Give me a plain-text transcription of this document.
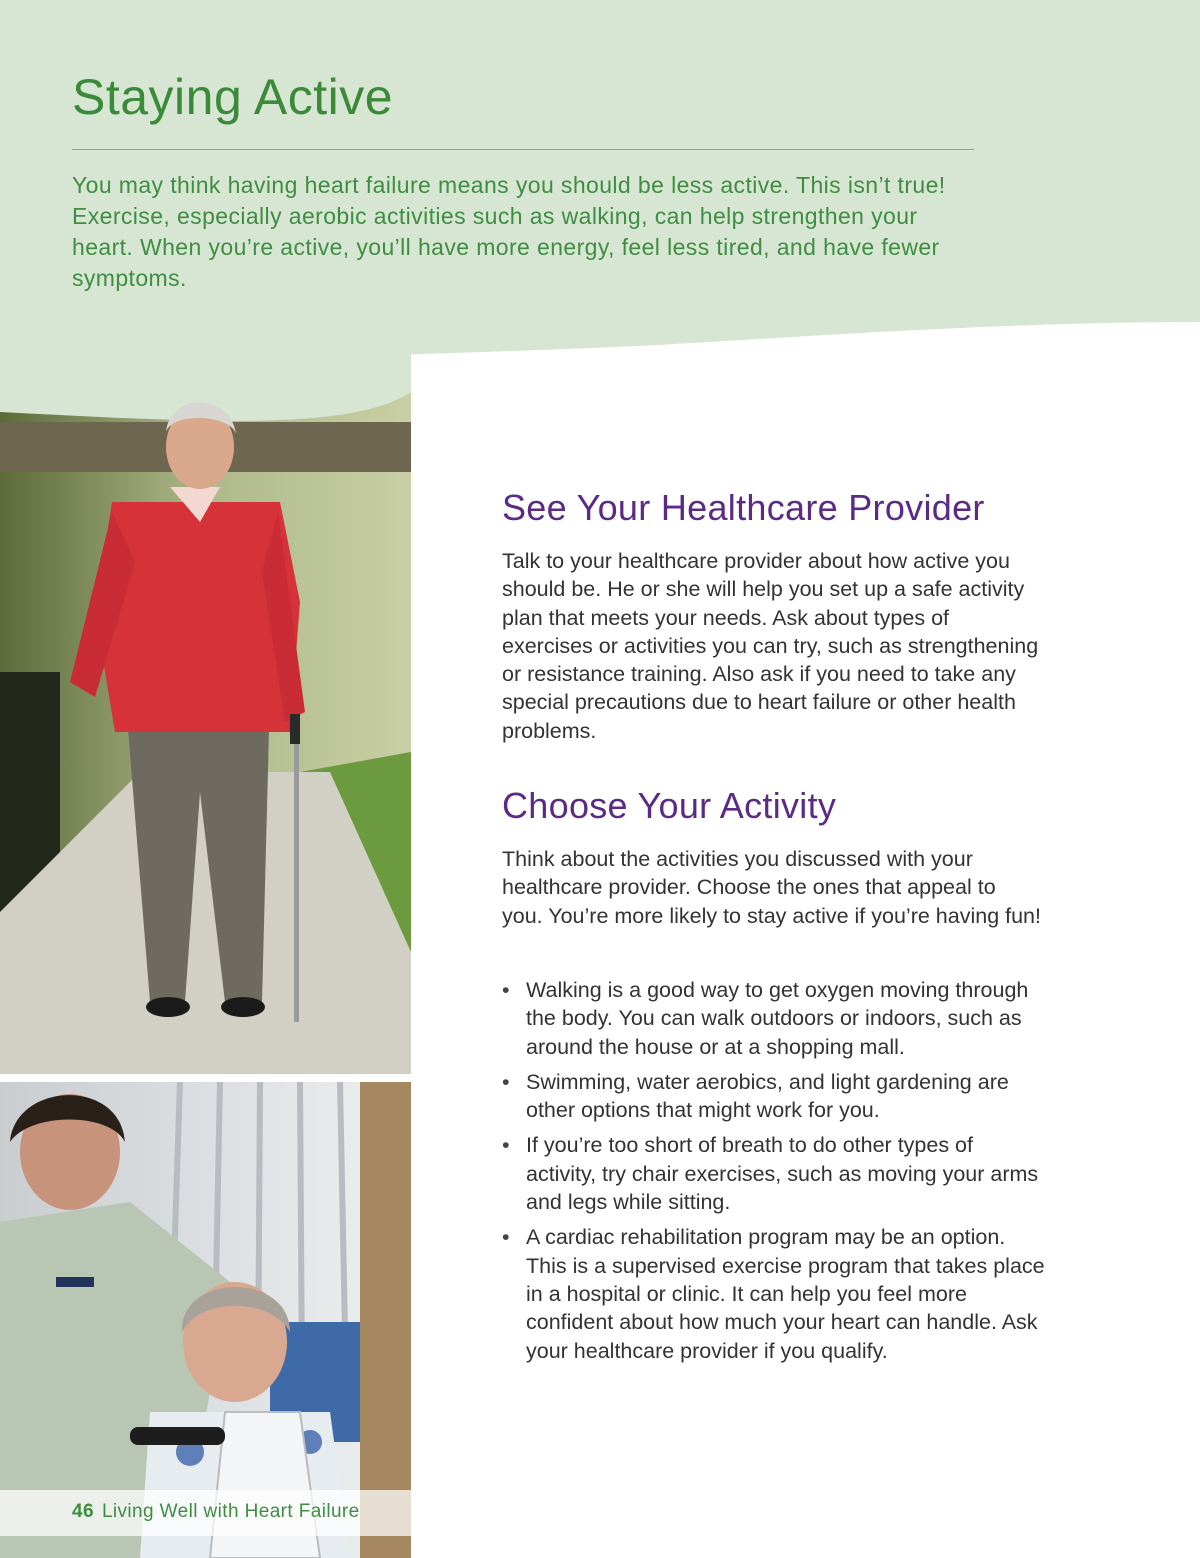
Staying Active

You may think having heart failure means you should be less active. This isn’t true! Exercise, especially aerobic activities such as walking, can help strengthen your heart. When you’re active, you’ll have more energy, feel less tired, and have fewer symptoms.

46 Living Well with Heart Failure

See Your Healthcare Provider

Talk to your healthcare provider about how active you should be. He or she will help you set up a safe activity plan that meets your needs. Ask about types of exercises or activities you can try, such as strengthening or resistance training. Also ask if you need to take any special precautions due to heart failure or other health problems.

Choose Your Activity

Think about the activities you discussed with your healthcare provider. Choose the ones that appeal to you. You’re more likely to stay active if you’re having fun!

• Walking is a good way to get oxygen moving through the body. You can walk outdoors or indoors, such as around the house or at a shopping mall.
• Swimming, water aerobics, and light gardening are other options that might work for you.
• If you’re too short of breath to do other types of activity, try chair exercises, such as moving your arms and legs while sitting.
• A cardiac rehabilitation program may be an option. This is a supervised exercise program that takes place in a hospital or clinic. It can help you feel more confident about how much your heart can handle. Ask your healthcare provider if you qualify.
